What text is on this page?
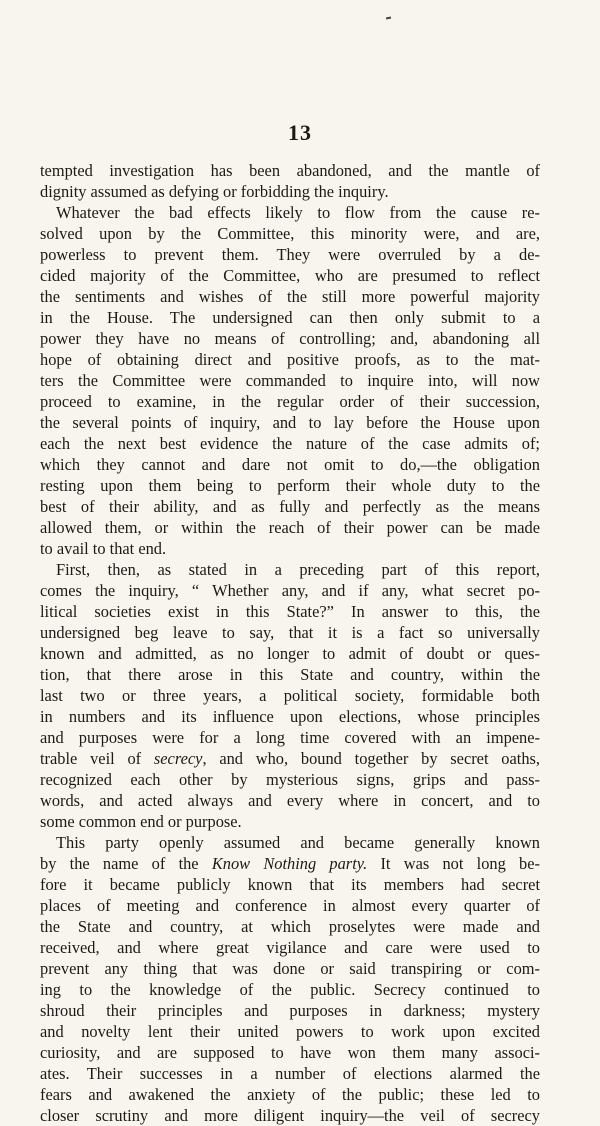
13
tempted investigation has been abandoned, and the mantle of
dignity assumed as defying or forbidding the inquiry.
Whatever the bad effects likely to flow from the cause re-
solved upon by the Committee, this minority were, and are,
powerless to prevent them. They were overruled by a de-
cided majority of the Committee, who are presumed to reflect
the sentiments and wishes of the still more powerful majority
in the House. The undersigned can then only submit to a
power they have no means of controlling; and, abandoning all
hope of obtaining direct and positive proofs, as to the mat-
ters the Committee were commanded to inquire into, will now
proceed to examine, in the regular order of their succession,
the several points of inquiry, and to lay before the House upon
each the next best evidence the nature of the case admits of;
which they cannot and dare not omit to do,—the obligation
resting upon them being to perform their whole duty to the
best of their ability, and as fully and perfectly as the means
allowed them, or within the reach of their power can be made
to avail to that end.
First, then, as stated in a preceding part of this report,
comes the inquiry, “ Whether any, and if any, what secret po-
litical societies exist in this State?” In answer to this, the
undersigned beg leave to say, that it is a fact so universally
known and admitted, as no longer to admit of doubt or ques-
tion, that there arose in this State and country, within the
last two or three years, a political society, formidable both
in numbers and its influence upon elections, whose principles
and purposes were for a long time covered with an impene-
trable veil of secrecy, and who, bound together by secret oaths,
recognized each other by mysterious signs, grips and pass-
words, and acted always and every where in concert, and to
some common end or purpose.
This party openly assumed and became generally known
by the name of the Know Nothing party. It was not long be-
fore it became publicly known that its members had secret
places of meeting and conference in almost every quarter of
the State and country, at which proselytes were made and
received, and where great vigilance and care were used to
prevent any thing that was done or said transpiring or com-
ing to the knowledge of the public. Secrecy continued to
shroud their principles and purposes in darkness; mystery
and novelty lent their united powers to work upon excited
curiosity, and are supposed to have won them many associ-
ates. Their successes in a number of elections alarmed the
fears and awakened the anxiety of the public; these led to
closer scrutiny and more diligent inquiry—the veil of secrecy
